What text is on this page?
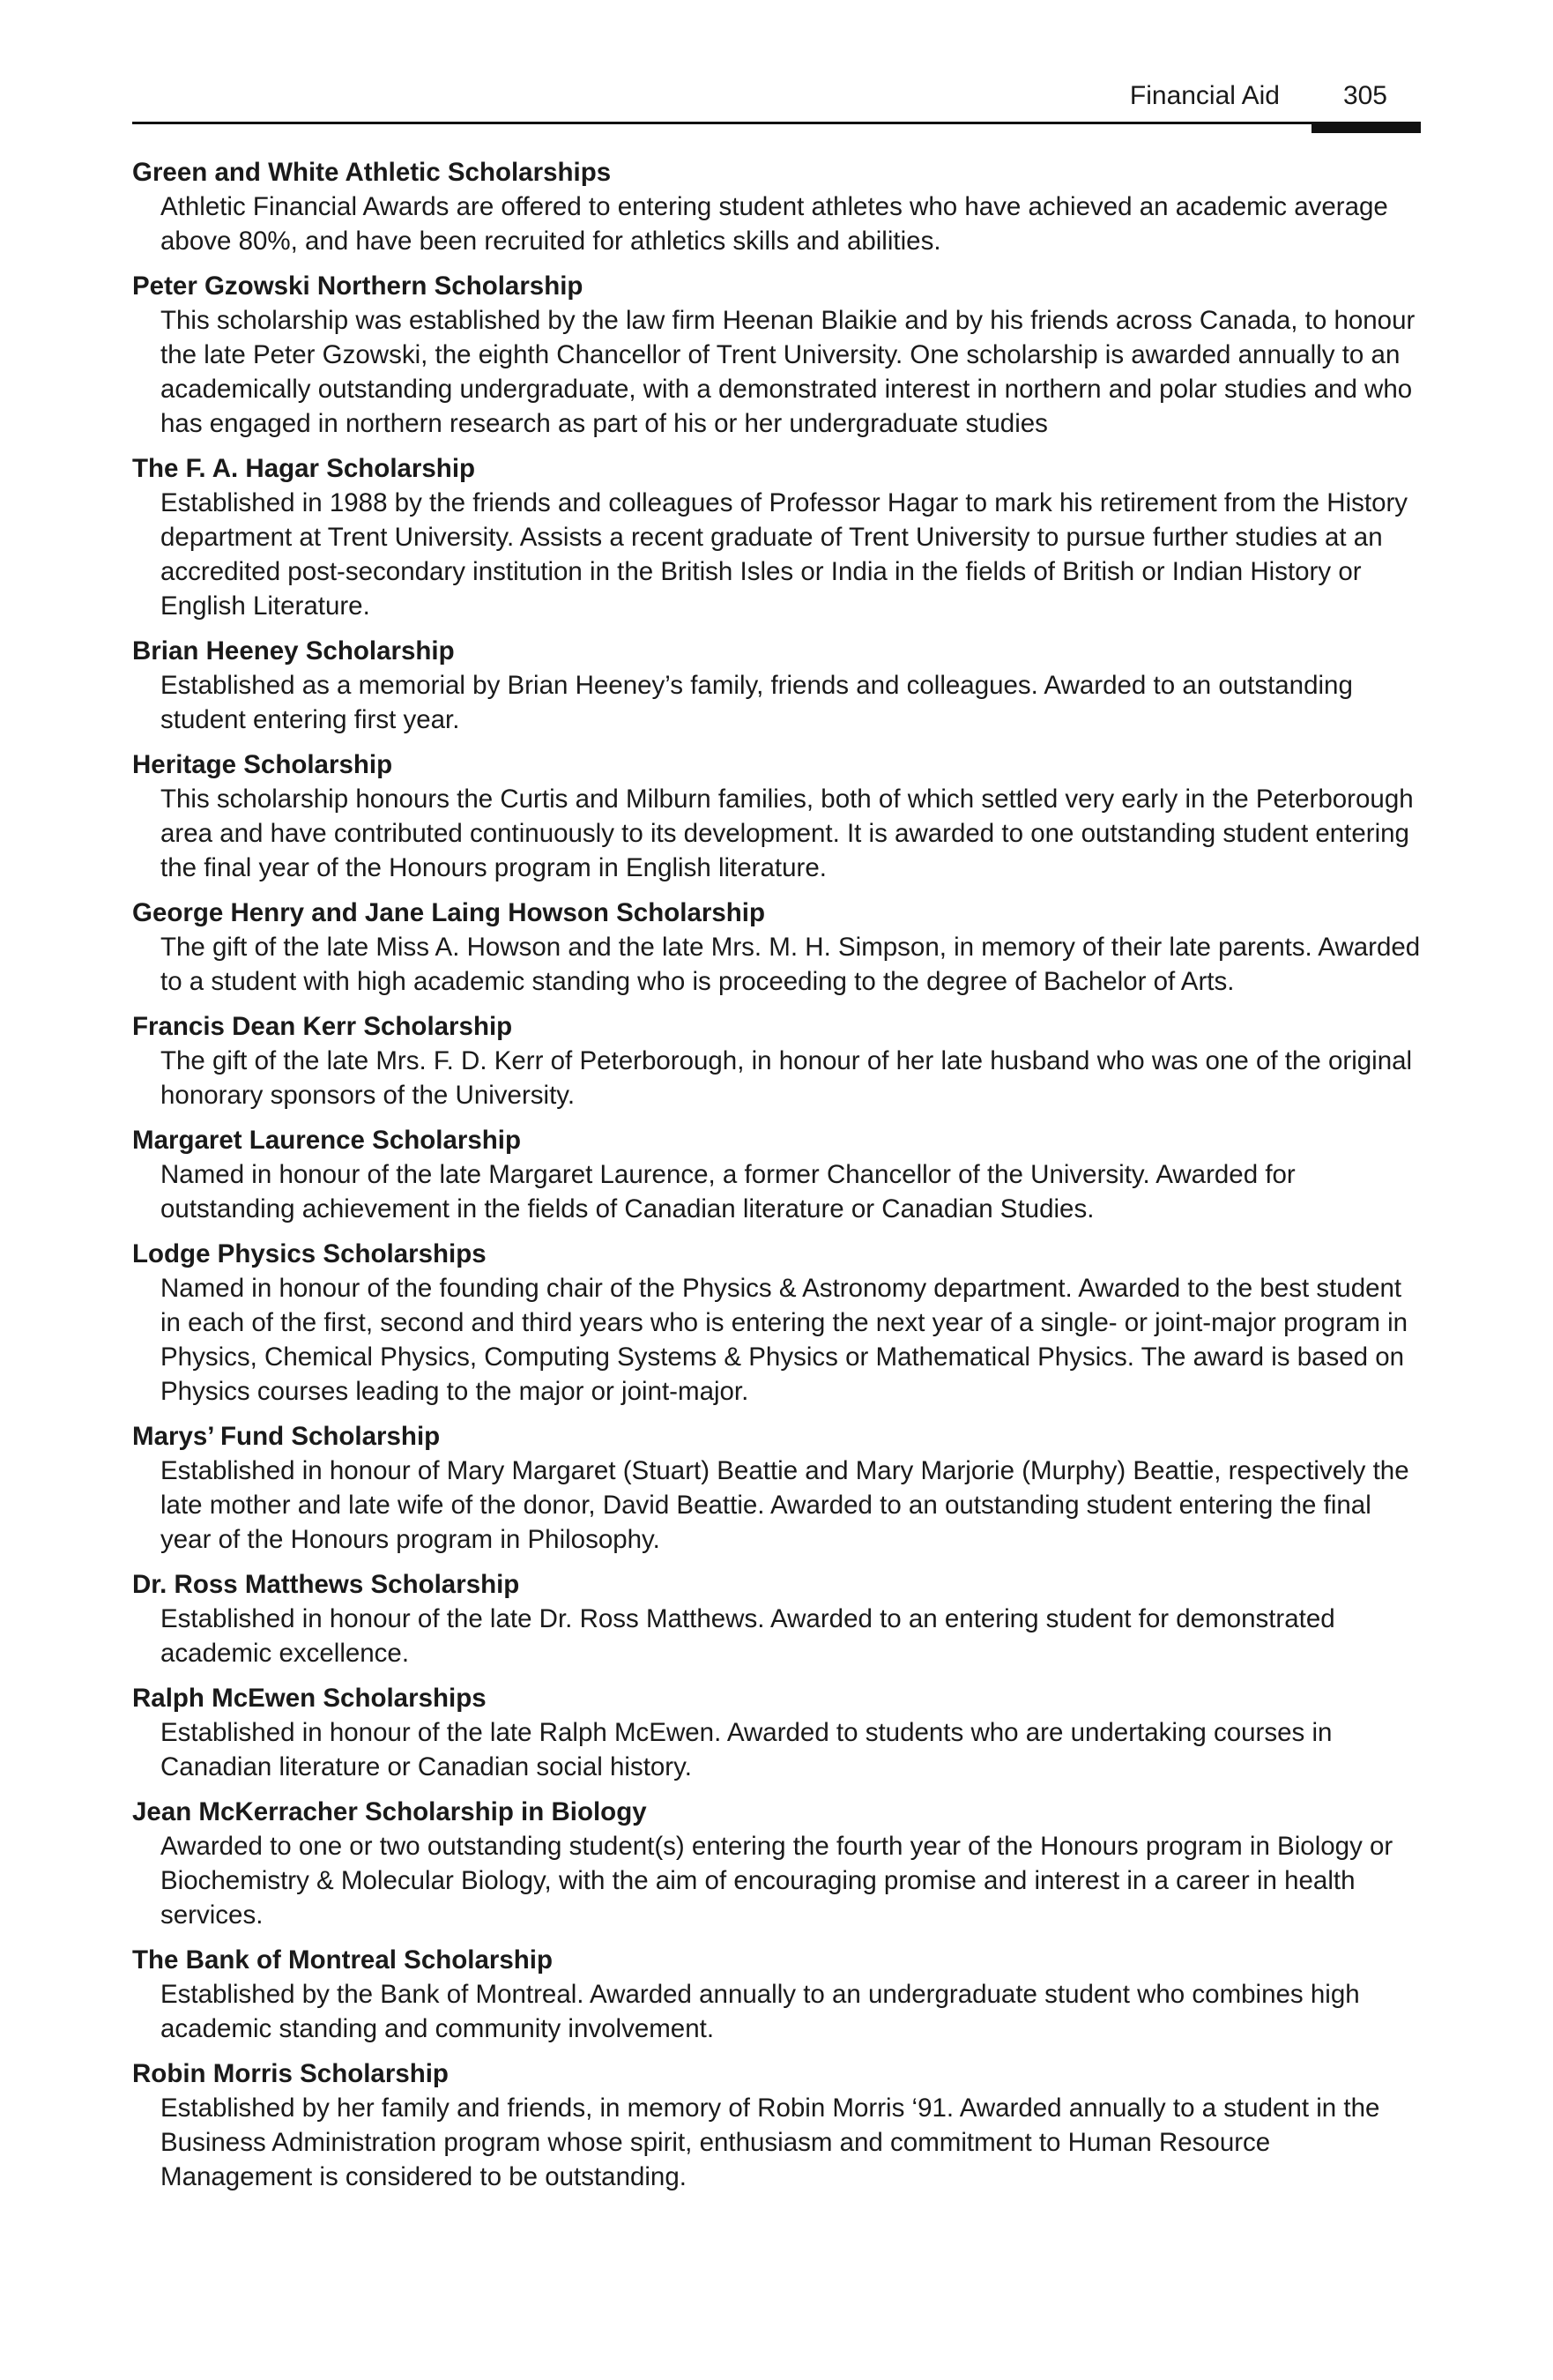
Financial Aid 305

Green and White Athletic Scholarships

Athletic Financial Awards are offered to entering student athletes who have achieved an academic average above 80%, and have been recruited for athletics skills and abilities.

Peter Gzowski Northern Scholarship

This scholarship was established by the law firm Heenan Blaikie and by his friends across Canada, to honour the late Peter Gzowski, the eighth Chancellor of Trent University. One scholarship is awarded annually to an academically outstanding undergraduate, with a demonstrated interest in northern and polar studies and who has engaged in northern research as part of his or her undergraduate studies

The F. A. Hagar Scholarship

Established in 1988 by the friends and colleagues of Professor Hagar to mark his retirement from the History department at Trent University. Assists a recent graduate of Trent University to pursue further studies at an accredited post-secondary institution in the British Isles or India in the fields of British or Indian History or English Literature.

Brian Heeney Scholarship

Established as a memorial by Brian Heeney’s family, friends and colleagues. Awarded to an outstanding student entering first year.

Heritage Scholarship

This scholarship honours the Curtis and Milburn families, both of which settled very early in the Peterborough area and have contributed continuously to its development. It is awarded to one outstanding student entering the final year of the Honours program in English literature.

George Henry and Jane Laing Howson Scholarship

The gift of the late Miss A. Howson and the late Mrs. M. H. Simpson, in memory of their late parents. Awarded to a student with high academic standing who is proceeding to the degree of Bachelor of Arts.

Francis Dean Kerr Scholarship

The gift of the late Mrs. F. D. Kerr of Peterborough, in honour of her late husband who was one of the original honorary sponsors of the University.

Margaret Laurence Scholarship

Named in honour of the late Margaret Laurence, a former Chancellor of the University. Awarded for outstanding achievement in the fields of Canadian literature or Canadian Studies.

Lodge Physics Scholarships

Named in honour of the founding chair of the Physics & Astronomy department. Awarded to the best student in each of the first, second and third years who is entering the next year of a single- or joint-major program in Physics, Chemical Physics, Computing Systems & Physics or Mathematical Physics. The award is based on Physics courses leading to the major or joint-major.

Marys’ Fund Scholarship

Established in honour of Mary Margaret (Stuart) Beattie and Mary Marjorie (Murphy) Beattie, respectively the late mother and late wife of the donor, David Beattie. Awarded to an outstanding student entering the final year of the Honours program in Philosophy.

Dr. Ross Matthews Scholarship

Established in honour of the late Dr. Ross Matthews. Awarded to an entering student for demonstrated academic excellence.

Ralph McEwen Scholarships

Established in honour of the late Ralph McEwen. Awarded to students who are undertaking courses in Canadian literature or Canadian social history.

Jean McKerracher Scholarship in Biology

Awarded to one or two outstanding student(s) entering the fourth year of the Honours program in Biology or Biochemistry & Molecular Biology, with the aim of encouraging promise and interest in a career in health services.

The Bank of Montreal Scholarship

Established by the Bank of Montreal. Awarded annually to an undergraduate student who combines high academic standing and community involvement.

Robin Morris Scholarship

Established by her family and friends, in memory of Robin Morris ‘91. Awarded annually to a student in the Business Administration program whose spirit, enthusiasm and commitment to Human Resource Management is considered to be outstanding.
